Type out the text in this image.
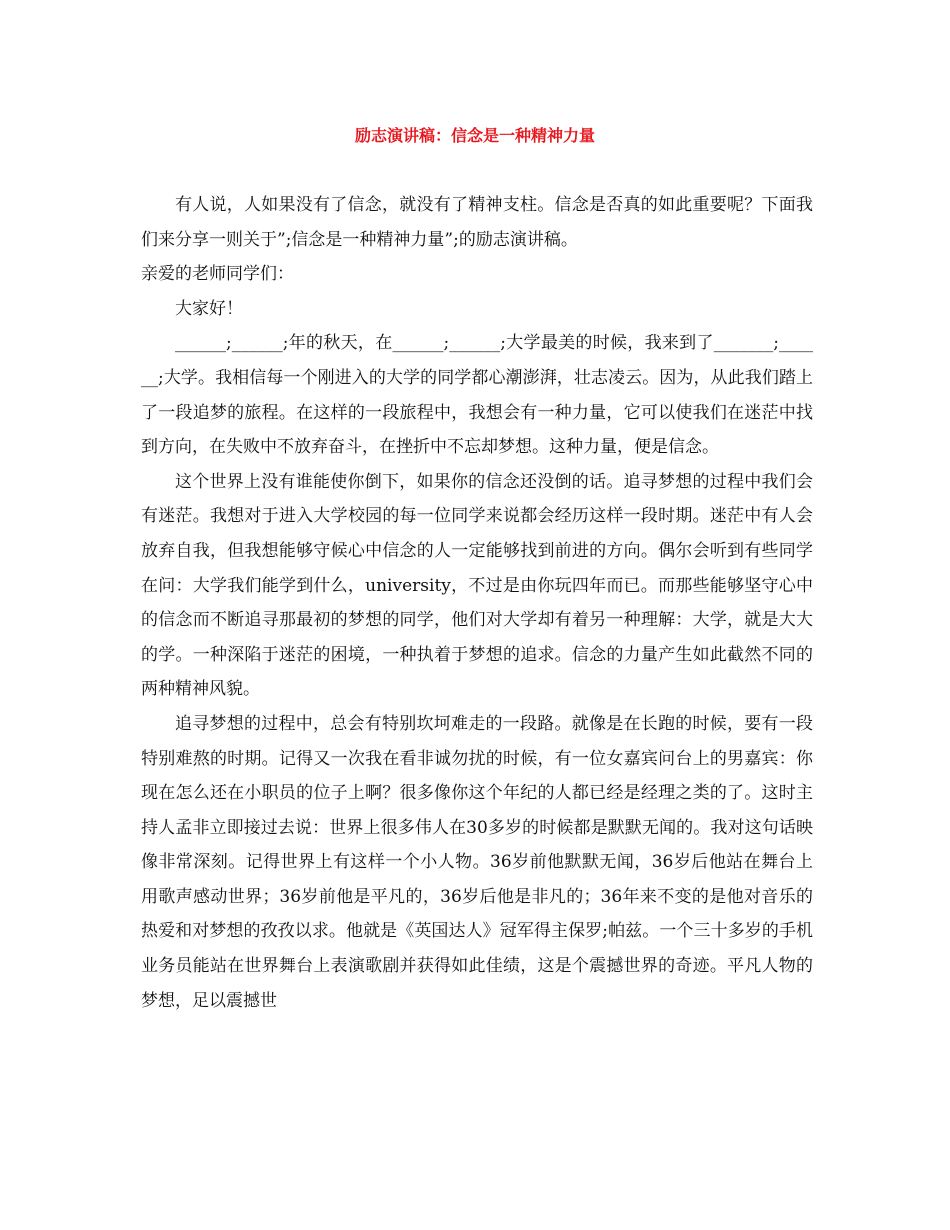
励志演讲稿：信念是一种精神力量

有人说，人如果没有了信念，就没有了精神支柱。信念是否真的如此重要呢？下面我们来分享一则关于”;信念是一种精神力量”;的励志演讲稿。

亲爱的老师同学们：

大家好！

______;______;年的秋天，在______;______;大学最美的时候，我来到了_______;______;大学。我相信每一个刚进入的大学的同学都心潮澎湃，壮志凌云。因为，从此我们踏上了一段追梦的旅程。在这样的一段旅程中，我想会有一种力量，它可以使我们在迷茫中找到方向，在失败中不放弃奋斗，在挫折中不忘却梦想。这种力量，便是信念。

这个世界上没有谁能使你倒下，如果你的信念还没倒的话。追寻梦想的过程中我们会有迷茫。我想对于进入大学校园的每一位同学来说都会经历这样一段时期。迷茫中有人会放弃自我，但我想能够守候心中信念的人一定能够找到前进的方向。偶尔会听到有些同学在问：大学我们能学到什么，university，不过是由你玩四年而已。而那些能够坚守心中的信念而不断追寻那最初的梦想的同学，他们对大学却有着另一种理解：大学，就是大大的学。一种深陷于迷茫的困境，一种执着于梦想的追求。信念的力量产生如此截然不同的两种精神风貌。

追寻梦想的过程中，总会有特别坎坷难走的一段路。就像是在长跑的时候，要有一段特别难熬的时期。记得又一次我在看非诚勿扰的时候，有一位女嘉宾问台上的男嘉宾：你现在怎么还在小职员的位子上啊？很多像你这个年纪的人都已经是经理之类的了。这时主持人孟非立即接过去说：世界上很多伟人在30多岁的时候都是默默无闻的。我对这句话映像非常深刻。记得世界上有这样一个小人物。36岁前他默默无闻，36岁后他站在舞台上用歌声感动世界；36岁前他是平凡的，36岁后他是非凡的；36年来不变的是他对音乐的热爱和对梦想的孜孜以求。他就是《英国达人》冠军得主保罗;帕兹。一个三十多岁的手机业务员能站在世界舞台上表演歌剧并获得如此佳绩，这是个震撼世界的奇迹。平凡人物的梦想，足以震撼世
